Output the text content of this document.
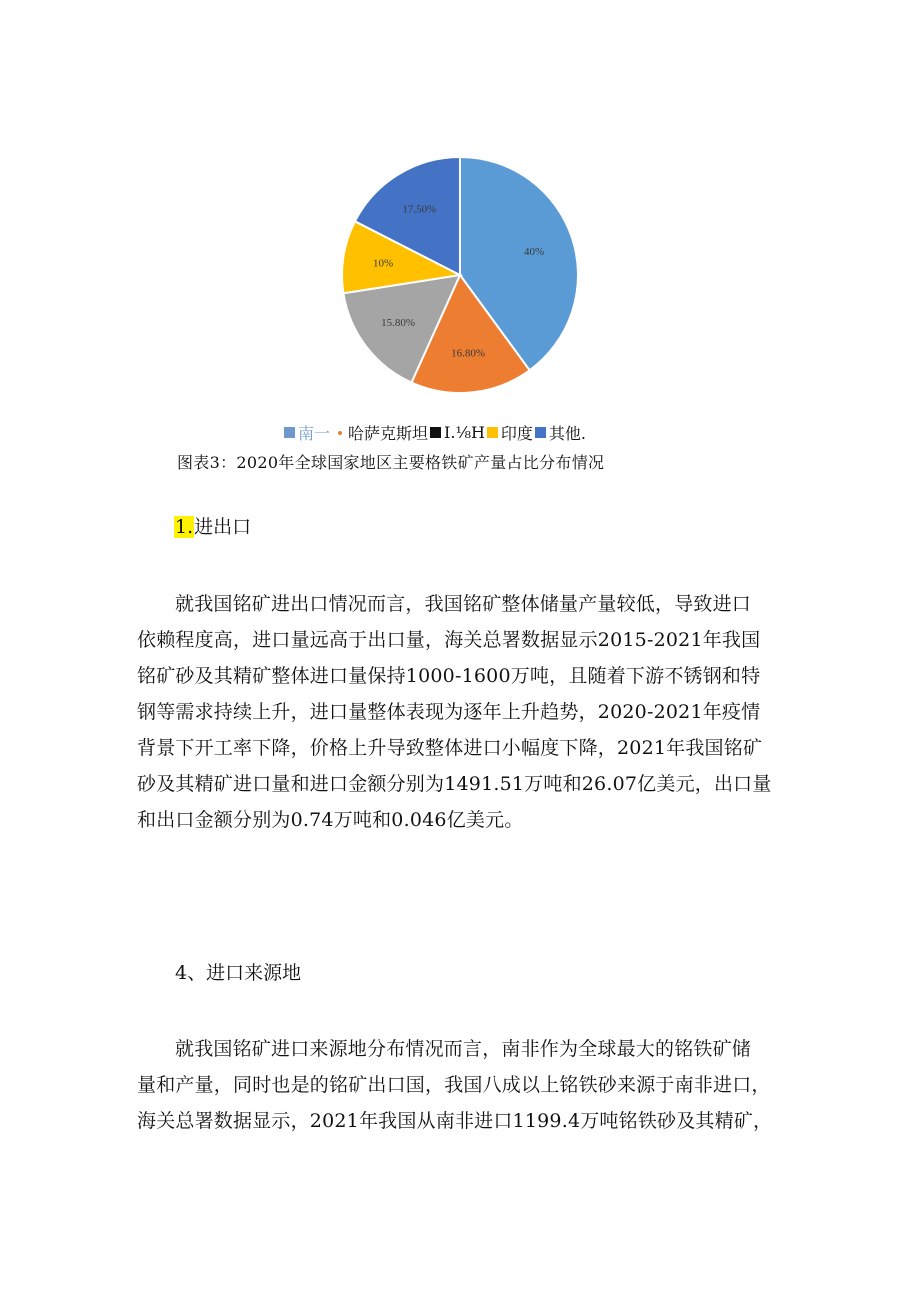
40%
16.80%
15.80%
10%
17.50%
南一 哈萨克斯坦 I.⅛H 印度 其他.
图表3：2020年全球国家地区主要格铁矿产量占比分布情况
1.进出口
就我国铭矿进出口情况而言，我国铭矿整体储量产量较低，导致进口
依赖程度高，进口量远高于出口量，海关总署数据显示2015-2021年我国
铭矿砂及其精矿整体进口量保持1000-1600万吨，且随着下游不锈钢和特
钢等需求持续上升，进口量整体表现为逐年上升趋势，2020-2021年疫情
背景下开工率下降，价格上升导致整体进口小幅度下降，2021年我国铭矿
砂及其精矿进口量和进口金额分别为1491.51万吨和26.07亿美元，出口量
和出口金额分别为0.74万吨和0.046亿美元。
4、进口来源地
就我国铭矿进口来源地分布情况而言，南非作为全球最大的铭铁矿储
量和产量，同时也是的铭矿出口国，我国八成以上铭铁砂来源于南非进口，
海关总署数据显示，2021年我国从南非进口1199.4万吨铭铁砂及其精矿，
